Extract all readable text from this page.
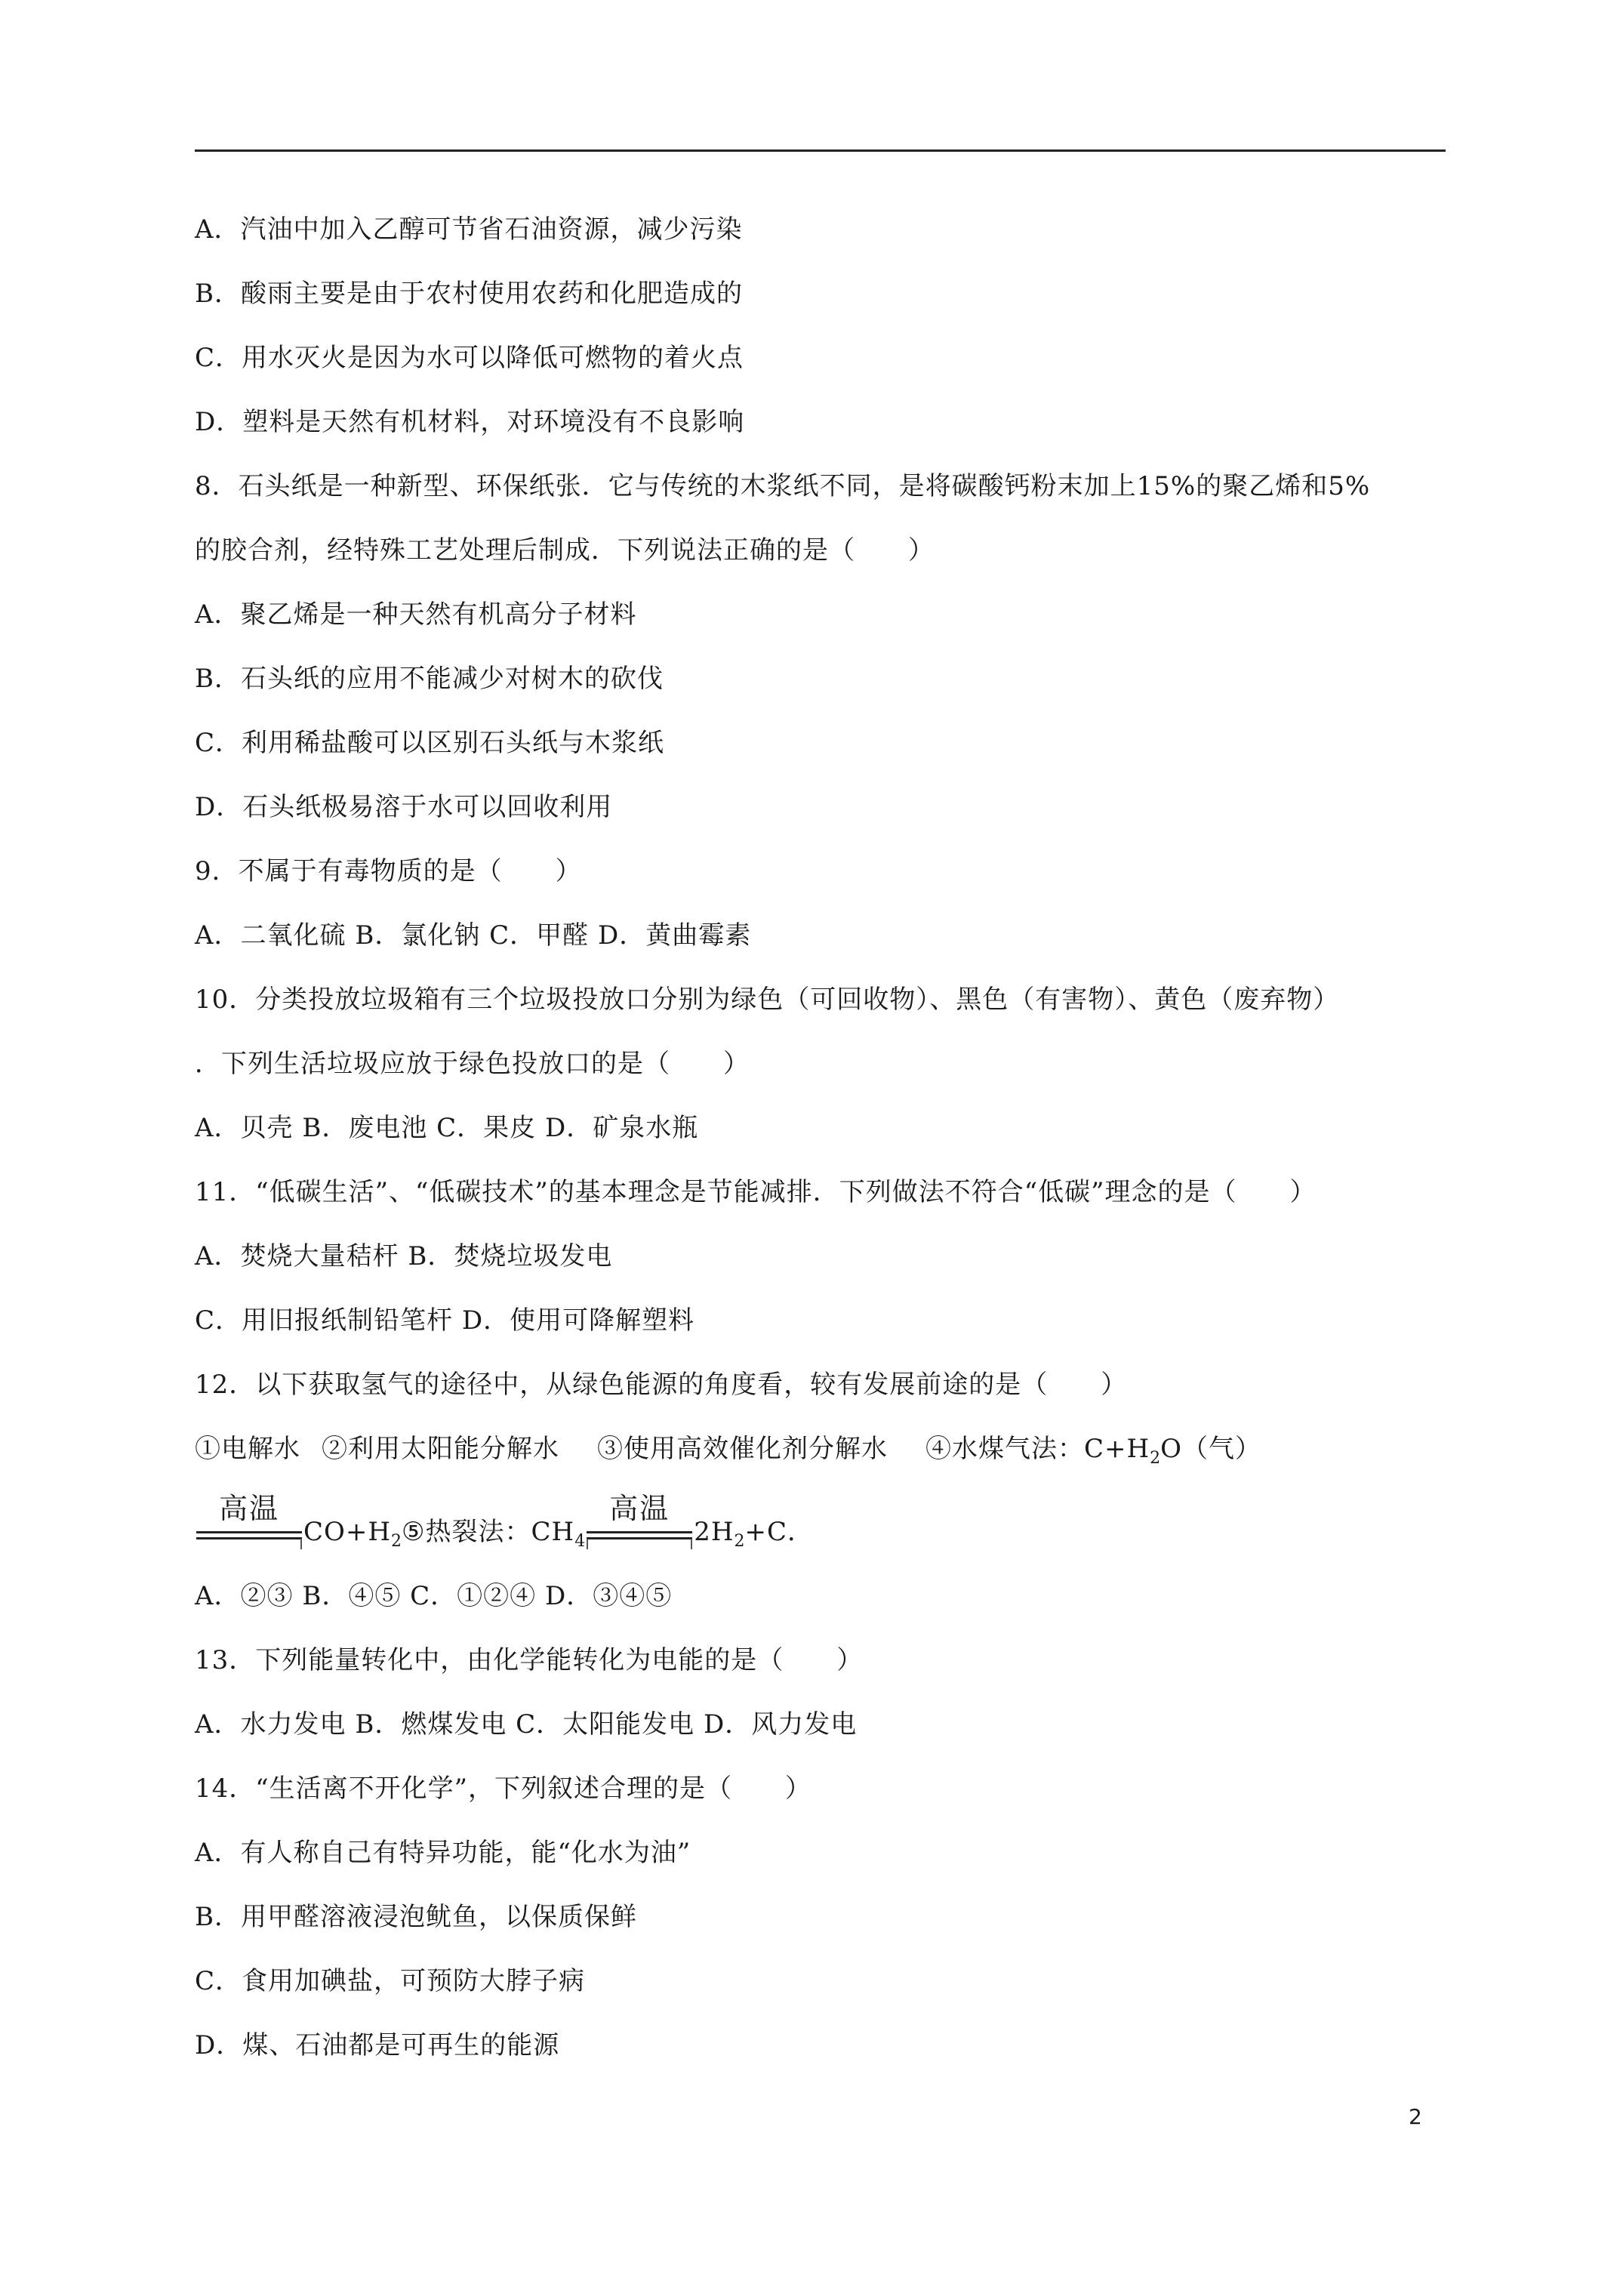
A．汽油中加入乙醇可节省石油资源，减少污染
B．酸雨主要是由于农村使用农药和化肥造成的
C．用水灭火是因为水可以降低可燃物的着火点
D．塑料是天然有机材料，对环境没有不良影响
8．石头纸是一种新型、环保纸张．它与传统的木浆纸不同，是将碳酸钙粉末加上15%的聚乙烯和5%
的胶合剂，经特殊工艺处理后制成．下列说法正确的是（　　）
A．聚乙烯是一种天然有机高分子材料
B．石头纸的应用不能减少对树木的砍伐
C．利用稀盐酸可以区别石头纸与木浆纸
D．石头纸极易溶于水可以回收利用
9．不属于有毒物质的是（　　）
A．二氧化硫 B．氯化钠 C．甲醛 D．黄曲霉素
10．分类投放垃圾箱有三个垃圾投放口分别为绿色（可回收物）、黑色（有害物）、黄色（废弃物）
．下列生活垃圾应放于绿色投放口的是（　　）
A．贝壳 B．废电池 C．果皮 D．矿泉水瓶
11．“低碳生活”、“低碳技术”的基本理念是节能减排．下列做法不符合“低碳”理念的是（　　）
A．焚烧大量秸杆 B．焚烧垃圾发电
C．用旧报纸制铅笔杆 D．使用可降解塑料
12．以下获取氢气的途径中，从绿色能源的角度看，较有发展前途的是（　　）
①电解水 ②利用太阳能分解水 ③使用高效催化剂分解水 ④水煤气法：$C+H_2O$（气）
高温
$CO+H_2⑤$热裂法：$CH_4$
高温
$2H_2+C$．
A．②③ B．④⑤ C．①②④ D．③④⑤
13．下列能量转化中，由化学能转化为电能的是（　　）
A．水力发电 B．燃煤发电 C．太阳能发电 D．风力发电
14．“生活离不开化学”，下列叙述合理的是（　　）
A．有人称自己有特异功能，能“化水为油”
B．用甲醛溶液浸泡鱿鱼，以保质保鲜
C．食用加碘盐，可预防大脖子病
D．煤、石油都是可再生的能源
2
